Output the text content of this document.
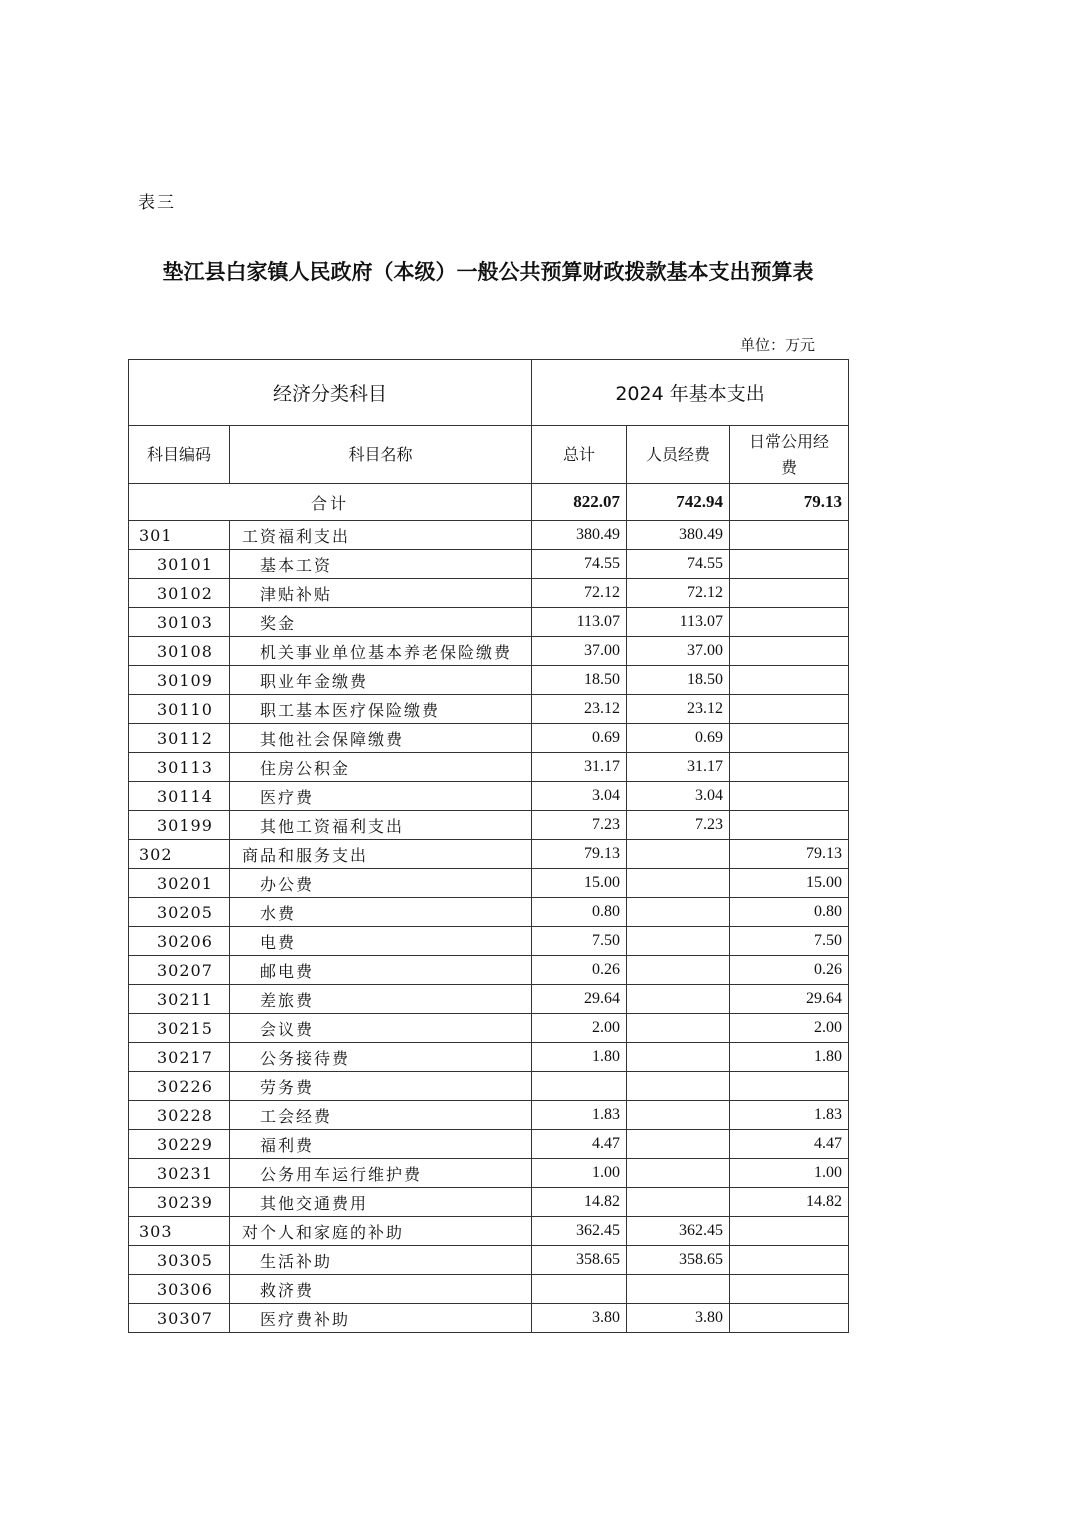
表三
垫江县白家镇人民政府（本级）一般公共预算财政拨款基本支出预算表
单位：万元
经济分类科目		2024 年基本支出		
科目编码	科目名称	总计	人员经费	日常公用经费
合计		822.07	742.94	79.13
301	工资福利支出	380.49	380.49	
30101	基本工资	74.55	74.55	
30102	津贴补贴	72.12	72.12	
30103	奖金	113.07	113.07	
30108	机关事业单位基本养老保险缴费	37.00	37.00	
30109	职业年金缴费	18.50	18.50	
30110	职工基本医疗保险缴费	23.12	23.12	
30112	其他社会保障缴费	0.69	0.69	
30113	住房公积金	31.17	31.17	
30114	医疗费	3.04	3.04	
30199	其他工资福利支出	7.23	7.23	
302	商品和服务支出	79.13		79.13
30201	办公费	15.00		15.00
30205	水费	0.80		0.80
30206	电费	7.50		7.50
30207	邮电费	0.26		0.26
30211	差旅费	29.64		29.64
30215	会议费	2.00		2.00
30217	公务接待费	1.80		1.80
30226	劳务费			
30228	工会经费	1.83		1.83
30229	福利费	4.47		4.47
30231	公务用车运行维护费	1.00		1.00
30239	其他交通费用	14.82		14.82
303	对个人和家庭的补助	362.45	362.45	
30305	生活补助	358.65	358.65	
30306	救济费			
30307	医疗费补助	3.80	3.80	
